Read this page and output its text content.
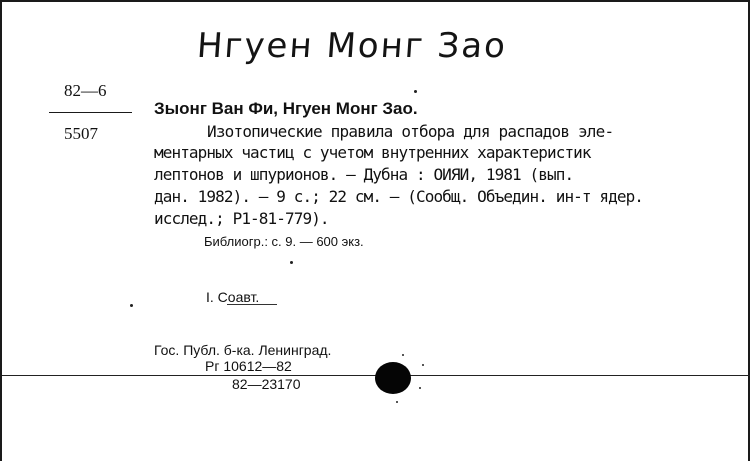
Нгуен Монг Зао
82—6
5507
Зыонг Ван Фи, Нгуен Монг Зао.
Изотопические правила отбора для распадов эле-
ментарных частиц с учетом внутренних характеристик
лептонов и шпурионов. — Дубна : ОИЯИ, 1981 (вып.
дан. 1982). — 9 с.; 22 см. — (Сообщ. Объедин. ин-т ядер.
исслед.; Р1-81-779).
Библиогр.: с. 9. — 600 экз.
I. Соавт.
Гос. Публ. б-ка. Ленинград.
Рг 10612—82
82—23170
